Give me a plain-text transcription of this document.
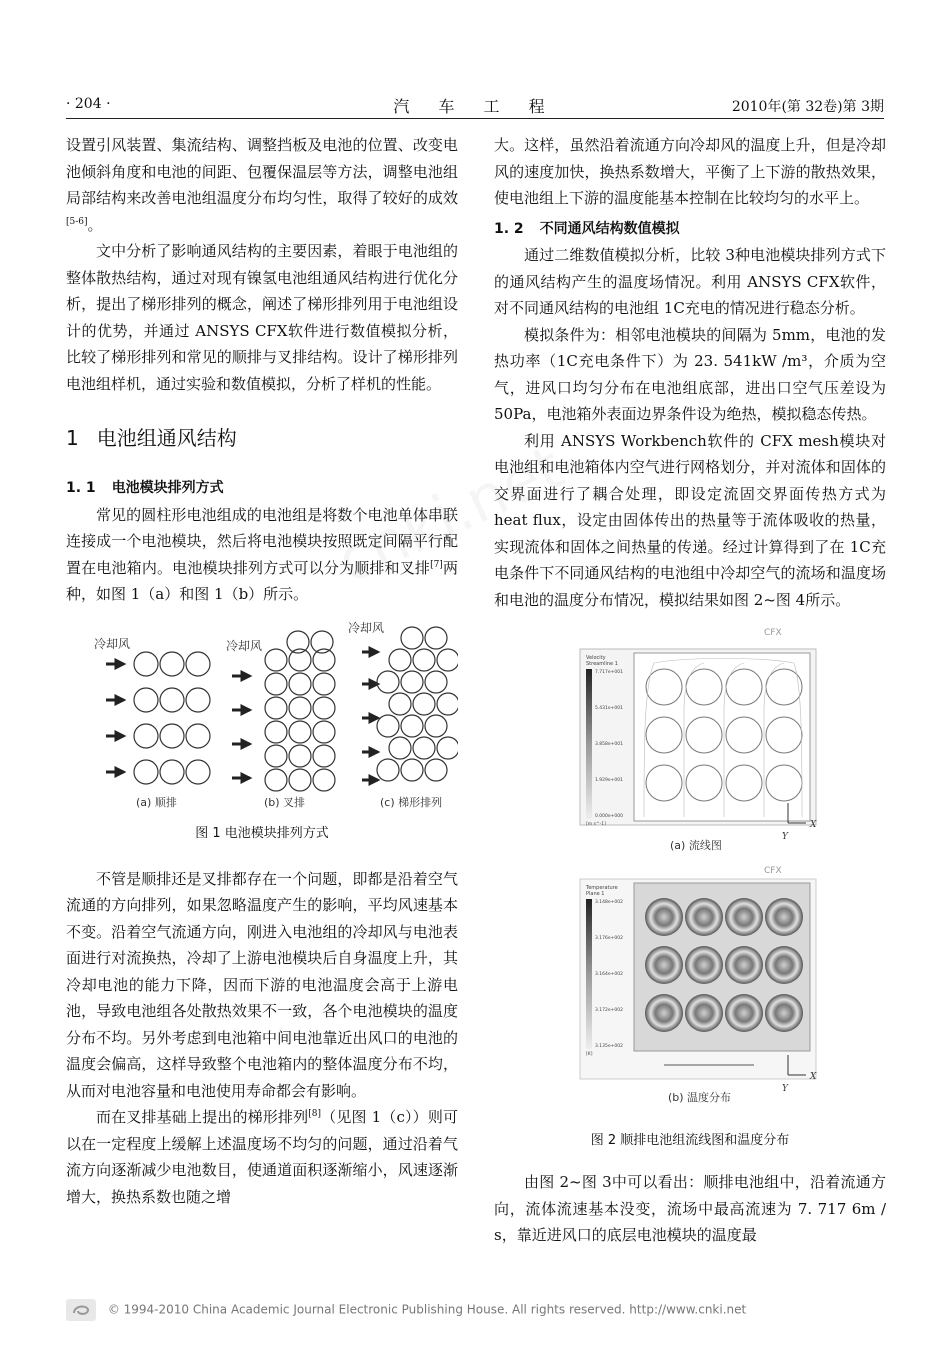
· 204 ·	汽 车 工 程	2010年(第 32卷)第 3期

设置引风装置、集流结构、调整挡板及电池的位置、改变电池倾斜角度和电池的间距、包覆保温层等方法，调整电池组局部结构来改善电池组温度分布均匀性，取得了较好的成效[5-6]。

文中分析了影响通风结构的主要因素，着眼于电池组的整体散热结构，通过对现有镍氢电池组通风结构进行优化分析，提出了梯形排列的概念，阐述了梯形排列用于电池组设计的优势，并通过 ANSYS CFX软件进行数值模拟分析，比较了梯形排列和常见的顺排与叉排结构。设计了梯形排列电池组样机，通过实验和数值模拟，分析了样机的性能。

1 电池组通风结构
1. 1 电池模块排列方式

常见的圆柱形电池组成的电池组是将数个电池单体串联连接成一个电池模块，然后将电池模块按照既定间隔平行配置在电池箱内。电池模块排列方式可以分为顺排和叉排[7]两种，如图 1（a）和图 1（b）所示。

冷却风
(a) 顺排
冷却风
(b) 叉排
冷却风
(c) 梯形排列
图 1 电池模块排列方式

不管是顺排还是叉排都存在一个问题，即都是沿着空气流通的方向排列，如果忽略温度产生的影响，平均风速基本不变。沿着空气流通方向，刚进入电池组的冷却风与电池表面进行对流换热，冷却了上游电池模块后自身温度上升，其冷却电池的能力下降，因而下游的电池温度会高于上游电池，导致电池组各处散热效果不一致，各个电池模块的温度分布不均。另外考虑到电池箱中间电池靠近出风口的电池的温度会偏高，这样导致整个电池箱内的整体温度分布不均，从而对电池容量和电池使用寿命都会有影响。

而在叉排基础上提出的梯形排列[8]（见图 1（c））则可以在一定程度上缓解上述温度场不均匀的问题，通过沿着气流方向逐渐减少电池数目，使通道面积逐渐缩小，风速逐渐增大，换热系数也随之增

大。这样，虽然沿着流通方向冷却风的温度上升，但是冷却风的速度加快，换热系数增大，平衡了上下游的散热效果，使电池组上下游的温度能基本控制在比较均匀的水平上。

1. 2 不同通风结构数值模拟

通过二维数值模拟分析，比较 3种电池模块排列方式下的通风结构产生的温度场情况。利用 ANSYS CFX软件，对不同通风结构的电池组 1C充电的情况进行稳态分析。

模拟条件为：相邻电池模块的间隔为 5mm，电池的发热功率（1C充电条件下）为 23. 541kW /m³，介质为空气，进风口均匀分布在电池组底部，进出口空气压差设为 50Pa，电池箱外表面边界条件设为绝热，模拟稳态传热。

利用 ANSYS Workbench软件的 CFX mesh模块对电池组和电池箱体内空气进行网格划分，并对流体和固体的交界面进行了耦合处理，即设定流固交界面传热方式为 heat flux，设定由固体传出的热量等于流体吸收的热量，实现流体和固体之间热量的传递。经过计算得到了在 1C充电条件下不同通风结构的电池组中冷却空气的流场和温度场和电池的温度分布情况，模拟结果如图 2~图 4所示。

CFX
Velocity
Streamline 1
7.717e+001
5.431e+001
3.858e+001
1.929e+001
0.000e+000
[m s^-1]	X
Y
(a) 流线图
CFX
Temperature
Plane 1
3.148e+002
3.176e+002
3.164e+002
3.172e+002
3.135e+002
[K]
X
Y
(b) 温度分布
图 2 顺排电池组流线图和温度分布

由图 2~图 3中可以看出：顺排电池组中，沿着流通方向，流体流速基本没变，流场中最高流速为 7. 717 6m / s，靠近进风口的底层电池模块的温度最

© 1994-2010 China Academic Journal Electronic Publishing House. All rights reserved. http://www.cnki.net
